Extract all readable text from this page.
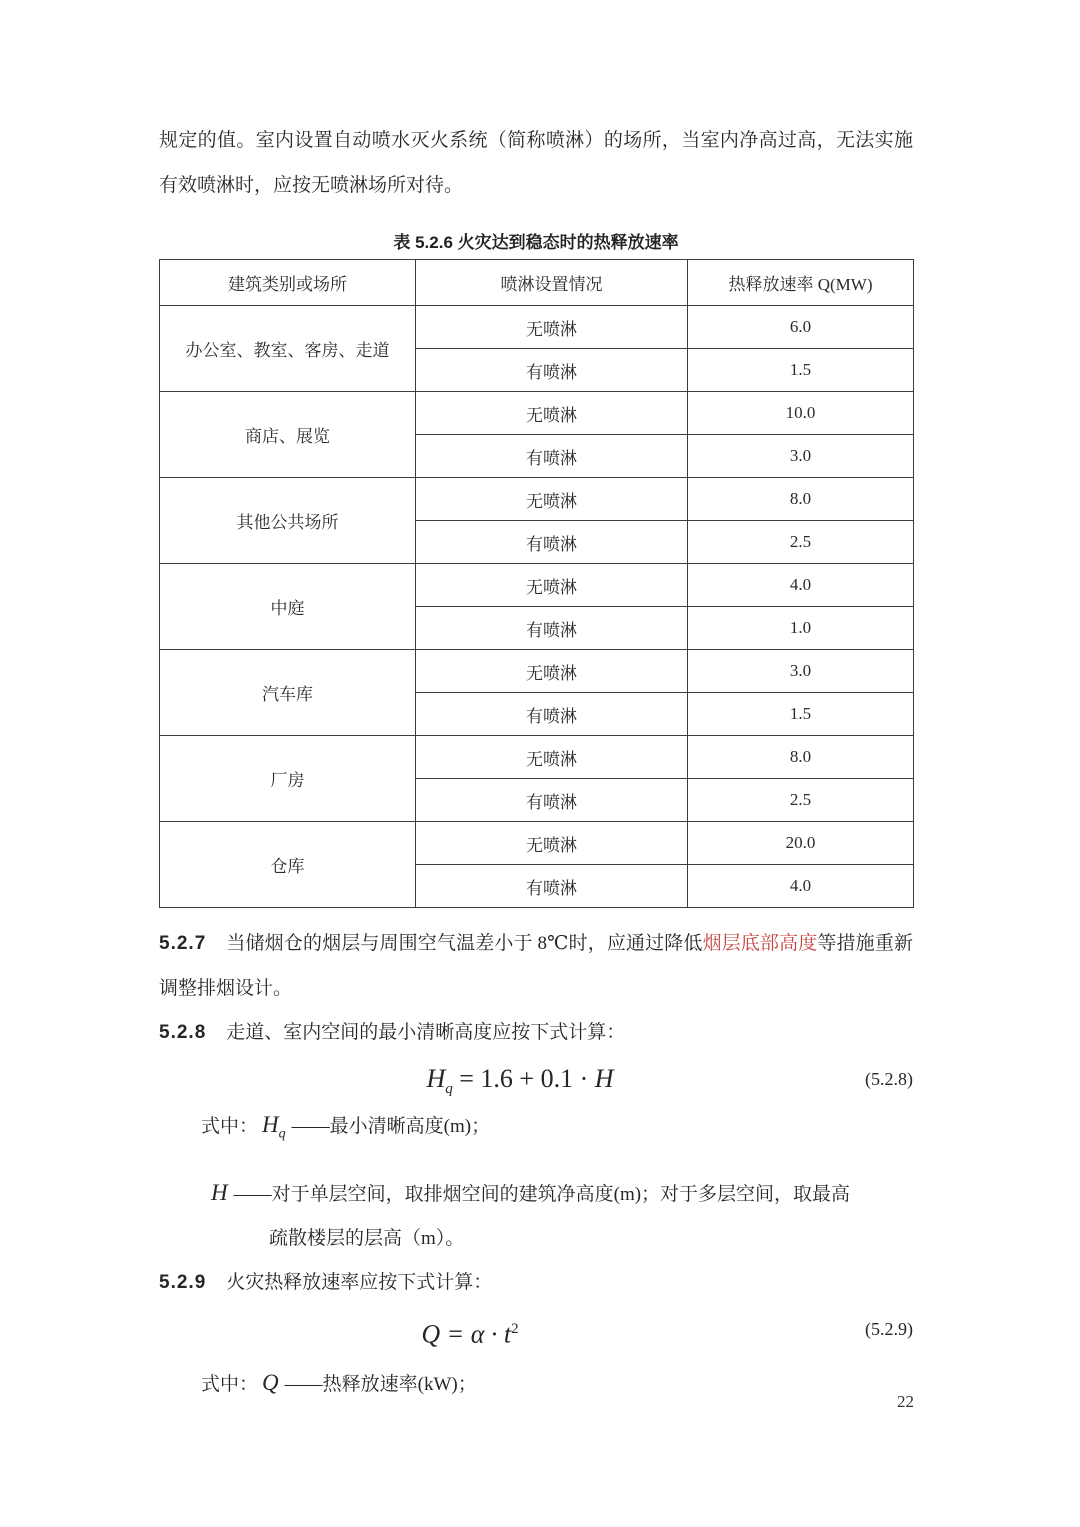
规定的值。室内设置自动喷水灭火系统（简称喷淋）的场所，当室内净高过高，无法实施有效喷淋时，应按无喷淋场所对待。

表 5.2.6 火灾达到稳态时的热释放速率
建筑类别或场所	喷淋设置情况	热释放速率 Q(MW)
办公室、教室、客房、走道	无喷淋	6.0
	有喷淋	1.5
商店、展览	无喷淋	10.0
	有喷淋	3.0
其他公共场所	无喷淋	8.0
	有喷淋	2.5
中庭	无喷淋	4.0
	有喷淋	1.0
汽车库	无喷淋	3.0
	有喷淋	1.5
厂房	无喷淋	8.0
	有喷淋	2.5
仓库	无喷淋	20.0
	有喷淋	4.0

5.2.7 当储烟仓的烟层与周围空气温差小于 8℃时，应通过降低烟层底部高度等措施重新调整排烟设计。

5.2.8 走道、室内空间的最小清晰高度应按下式计算：

$H_q = 1.6 + 0.1 \cdot H$	(5.2.8)
式中： $H_q$ ——最小清晰高度(m)；
H ——对于单层空间，取排烟空间的建筑净高度(m)；对于多层空间，取最高
疏散楼层的层高（m）。

5.2.9 火灾热释放速率应按下式计算：

$Q = \alpha \cdot t^2$	(5.2.9)
式中： Q ——热释放速率(kW)；
22
